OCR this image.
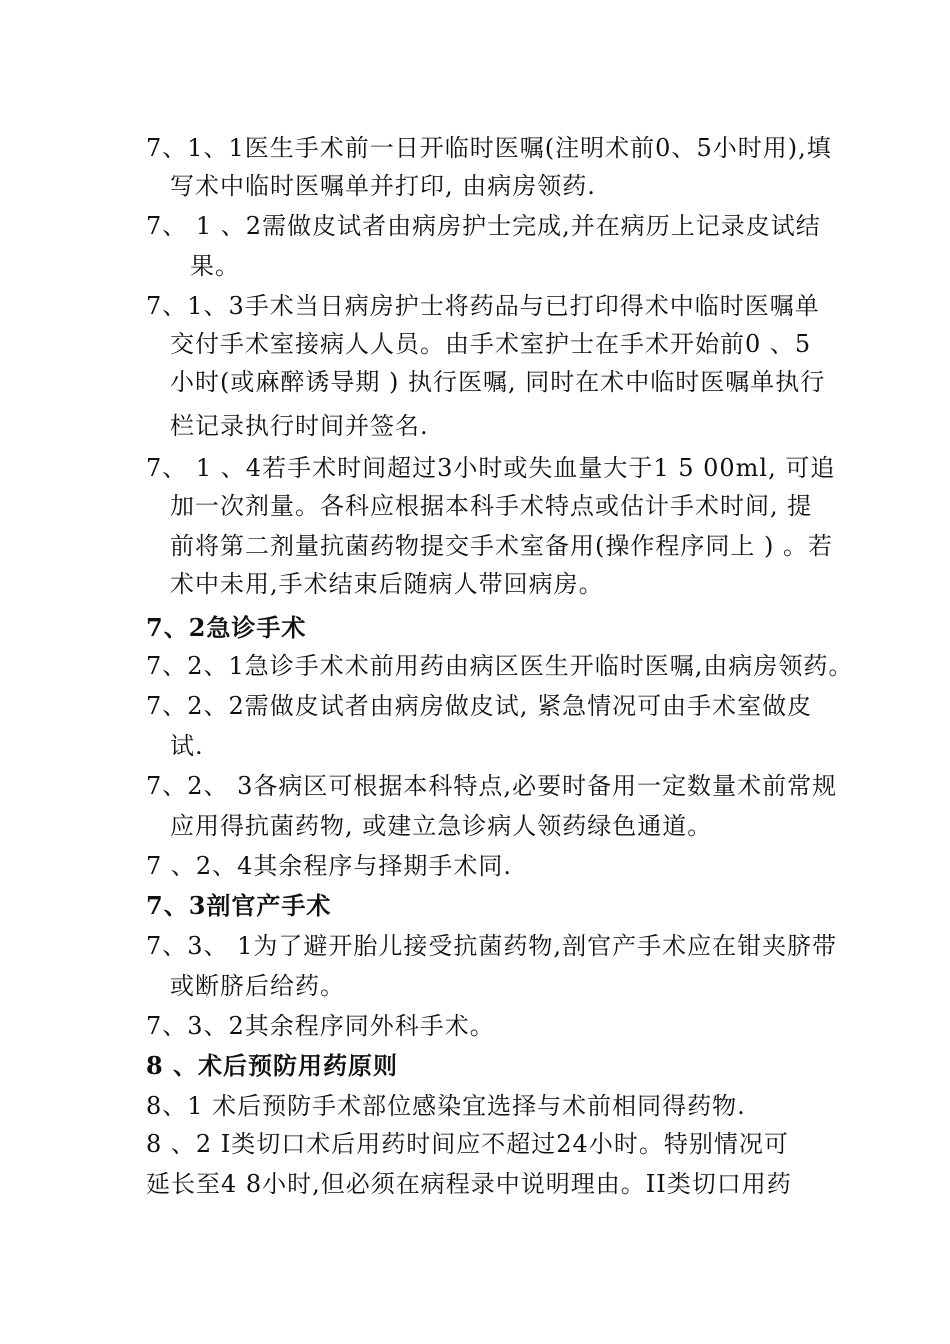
7、1、1医生手术前一日开临时医嘱(注明术前0、5小时用),填
写术中临时医嘱单并打印, 由病房领药.
7、 1 、2需做皮试者由病房护士完成,并在病历上记录皮试结
果。
7、1、3手术当日病房护士将药品与已打印得术中临时医嘱单
交付手术室接病人人员。由手术室护士在手术开始前0 、5
小时(或麻醉诱导期 ) 执行医嘱, 同时在术中临时医嘱单执行
栏记录执行时间并签名.
7、 1 、4若手术时间超过3小时或失血量大于1 5 00ml, 可追
加一次剂量。各科应根据本科手术特点或估计手术时间, 提
前将第二剂量抗菌药物提交手术室备用(操作程序同上 ) 。若
术中未用,手术结束后随病人带回病房。
7、2急诊手术
7、2、1急诊手术术前用药由病区医生开临时医嘱,由病房领药。
7、2、2需做皮试者由病房做皮试, 紧急情况可由手术室做皮
试.
7、2、 3各病区可根据本科特点,必要时备用一定数量术前常规
应用得抗菌药物, 或建立急诊病人领药绿色通道。
7 、2、4其余程序与择期手术同.
7、3剖官产手术
7、3、 1为了避开胎儿接受抗菌药物,剖官产手术应在钳夹脐带
或断脐后给药。
7、3、2其余程序同外科手术。
8 、术后预防用药原则
8、1 术后预防手术部位感染宜选择与术前相同得药物.
8 、2 Ⅰ类切口术后用药时间应不超过24小时。特别情况可
延长至4 8小时,但必须在病程录中说明理由。ⅠⅠ类切口用药
